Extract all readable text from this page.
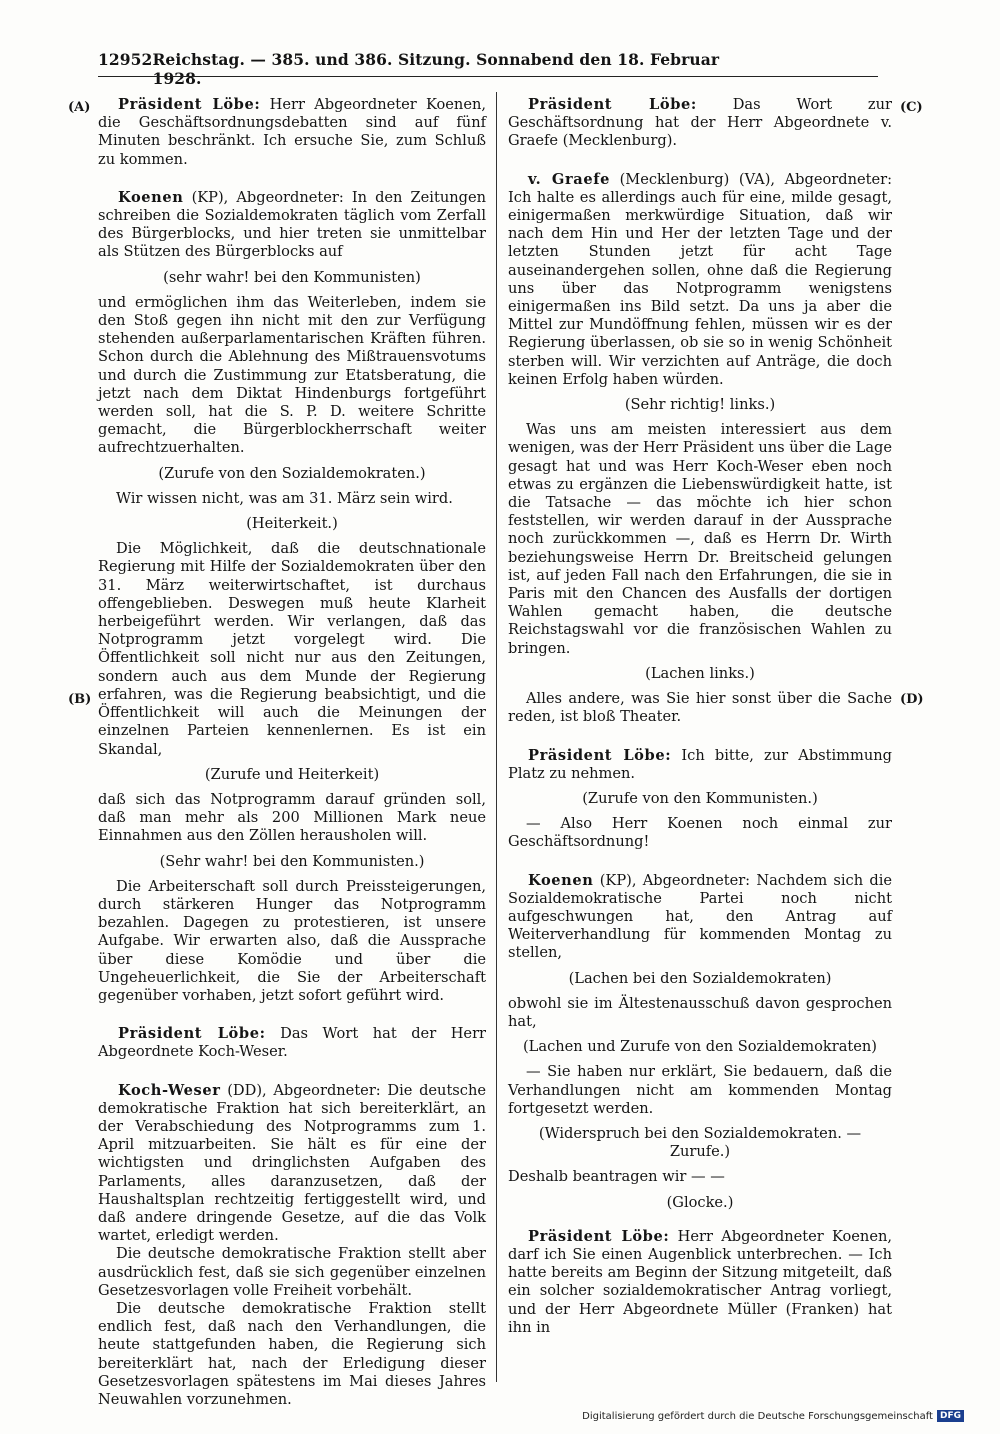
12952 Reichstag. — 385. und 386. Sitzung. Sonnabend den 18. Februar 1928.
(A)
(B)
(C)
(D)

Präsident Löbe: Herr Abgeordneter Koenen, die Geschäftsordnungsdebatten sind auf fünf Minuten beschränkt. Ich ersuche Sie, zum Schluß zu kommen.

Koenen (KP), Abgeordneter: In den Zeitungen schreiben die Sozialdemokraten täglich vom Zerfall des Bürgerblocks, und hier treten sie unmittelbar als Stützen des Bürgerblocks auf

(sehr wahr! bei den Kommunisten)

und ermöglichen ihm das Weiterleben, indem sie den Stoß gegen ihn nicht mit den zur Verfügung stehenden außerparlamentarischen Kräften führen. Schon durch die Ablehnung des Mißtrauensvotums und durch die Zustimmung zur Etatsberatung, die jetzt nach dem Diktat Hindenburgs fortgeführt werden soll, hat die S. P. D. weitere Schritte gemacht, die Bürgerblockherrschaft weiter aufrechtzuerhalten.

(Zurufe von den Sozialdemokraten.)

Wir wissen nicht, was am 31. März sein wird.

(Heiterkeit.)

Die Möglichkeit, daß die deutschnationale Regierung mit Hilfe der Sozialdemokraten über den 31. März weiterwirtschaftet, ist durchaus offengeblieben. Deswegen muß heute Klarheit herbeigeführt werden. Wir verlangen, daß das Notprogramm jetzt vorgelegt wird. Die Öffentlichkeit soll nicht nur aus den Zeitungen, sondern auch aus dem Munde der Regierung erfahren, was die Regierung beabsichtigt, und die Öffentlichkeit will auch die Meinungen der einzelnen Parteien kennenlernen. Es ist ein Skandal,

(Zurufe und Heiterkeit)

daß sich das Notprogramm darauf gründen soll, daß man mehr als 200 Millionen Mark neue Einnahmen aus den Zöllen herausholen will.

(Sehr wahr! bei den Kommunisten.)

Die Arbeiterschaft soll durch Preissteigerungen, durch stärkeren Hunger das Notprogramm bezahlen. Dagegen zu protestieren, ist unsere Aufgabe. Wir erwarten also, daß die Aussprache über diese Komödie und über die Ungeheuerlichkeit, die Sie der Arbeiterschaft gegenüber vorhaben, jetzt sofort geführt wird.

Präsident Löbe: Das Wort hat der Herr Abgeordnete Koch-Weser.

Koch-Weser (DD), Abgeordneter: Die deutsche demokratische Fraktion hat sich bereiterklärt, an der Verabschiedung des Notprogramms zum 1. April mitzuarbeiten. Sie hält es für eine der wichtigsten und dringlichsten Aufgaben des Parlaments, alles daranzusetzen, daß der Haushaltsplan rechtzeitig fertiggestellt wird, und daß andere dringende Gesetze, auf die das Volk wartet, erledigt werden.

Die deutsche demokratische Fraktion stellt aber ausdrücklich fest, daß sie sich gegenüber einzelnen Gesetzesvorlagen volle Freiheit vorbehält.

Die deutsche demokratische Fraktion stellt endlich fest, daß nach den Verhandlungen, die heute stattgefunden haben, die Regierung sich bereiterklärt hat, nach der Erledigung dieser Gesetzesvorlagen spätestens im Mai dieses Jahres Neuwahlen vorzunehmen.

Präsident Löbe: Das Wort zur Geschäftsordnung hat der Herr Abgeordnete v. Graefe (Mecklenburg).

v. Graefe (Mecklenburg) (VA), Abgeordneter: Ich halte es allerdings auch für eine, milde gesagt, einigermaßen merkwürdige Situation, daß wir nach dem Hin und Her der letzten Tage und der letzten Stunden jetzt für acht Tage auseinandergehen sollen, ohne daß die Regierung uns über das Notprogramm wenigstens einigermaßen ins Bild setzt. Da uns ja aber die Mittel zur Mundöffnung fehlen, müssen wir es der Regierung überlassen, ob sie so in wenig Schönheit sterben will. Wir verzichten auf Anträge, die doch keinen Erfolg haben würden.

(Sehr richtig! links.)

Was uns am meisten interessiert aus dem wenigen, was der Herr Präsident uns über die Lage gesagt hat und was Herr Koch-Weser eben noch etwas zu ergänzen die Liebenswürdigkeit hatte, ist die Tatsache — das möchte ich hier schon feststellen, wir werden darauf in der Aussprache noch zurückkommen —, daß es Herrn Dr. Wirth beziehungsweise Herrn Dr. Breitscheid gelungen ist, auf jeden Fall nach den Erfahrungen, die sie in Paris mit den Chancen des Ausfalls der dortigen Wahlen gemacht haben, die deutsche Reichstagswahl vor die französischen Wahlen zu bringen.

(Lachen links.)

Alles andere, was Sie hier sonst über die Sache reden, ist bloß Theater.

Präsident Löbe: Ich bitte, zur Abstimmung Platz zu nehmen.

(Zurufe von den Kommunisten.)

— Also Herr Koenen noch einmal zur Geschäftsordnung!

Koenen (KP), Abgeordneter: Nachdem sich die Sozialdemokratische Partei noch nicht aufgeschwungen hat, den Antrag auf Weiterverhandlung für kommenden Montag zu stellen,

(Lachen bei den Sozialdemokraten)

obwohl sie im Ältestenausschuß davon gesprochen hat,

(Lachen und Zurufe von den Sozialdemokraten)

— Sie haben nur erklärt, Sie bedauern, daß die Verhandlungen nicht am kommenden Montag fortgesetzt werden.

(Widerspruch bei den Sozialdemokraten. — Zurufe.)

Deshalb beantragen wir — —

(Glocke.)

Präsident Löbe: Herr Abgeordneter Koenen, darf ich Sie einen Augenblick unterbrechen. — Ich hatte bereits am Beginn der Sitzung mitgeteilt, daß ein solcher sozialdemokratischer Antrag vorliegt, und der Herr Abgeordnete Müller (Franken) hat ihn in

Digitalisierung gefördert durch die Deutsche Forschungsgemeinschaft DFG
